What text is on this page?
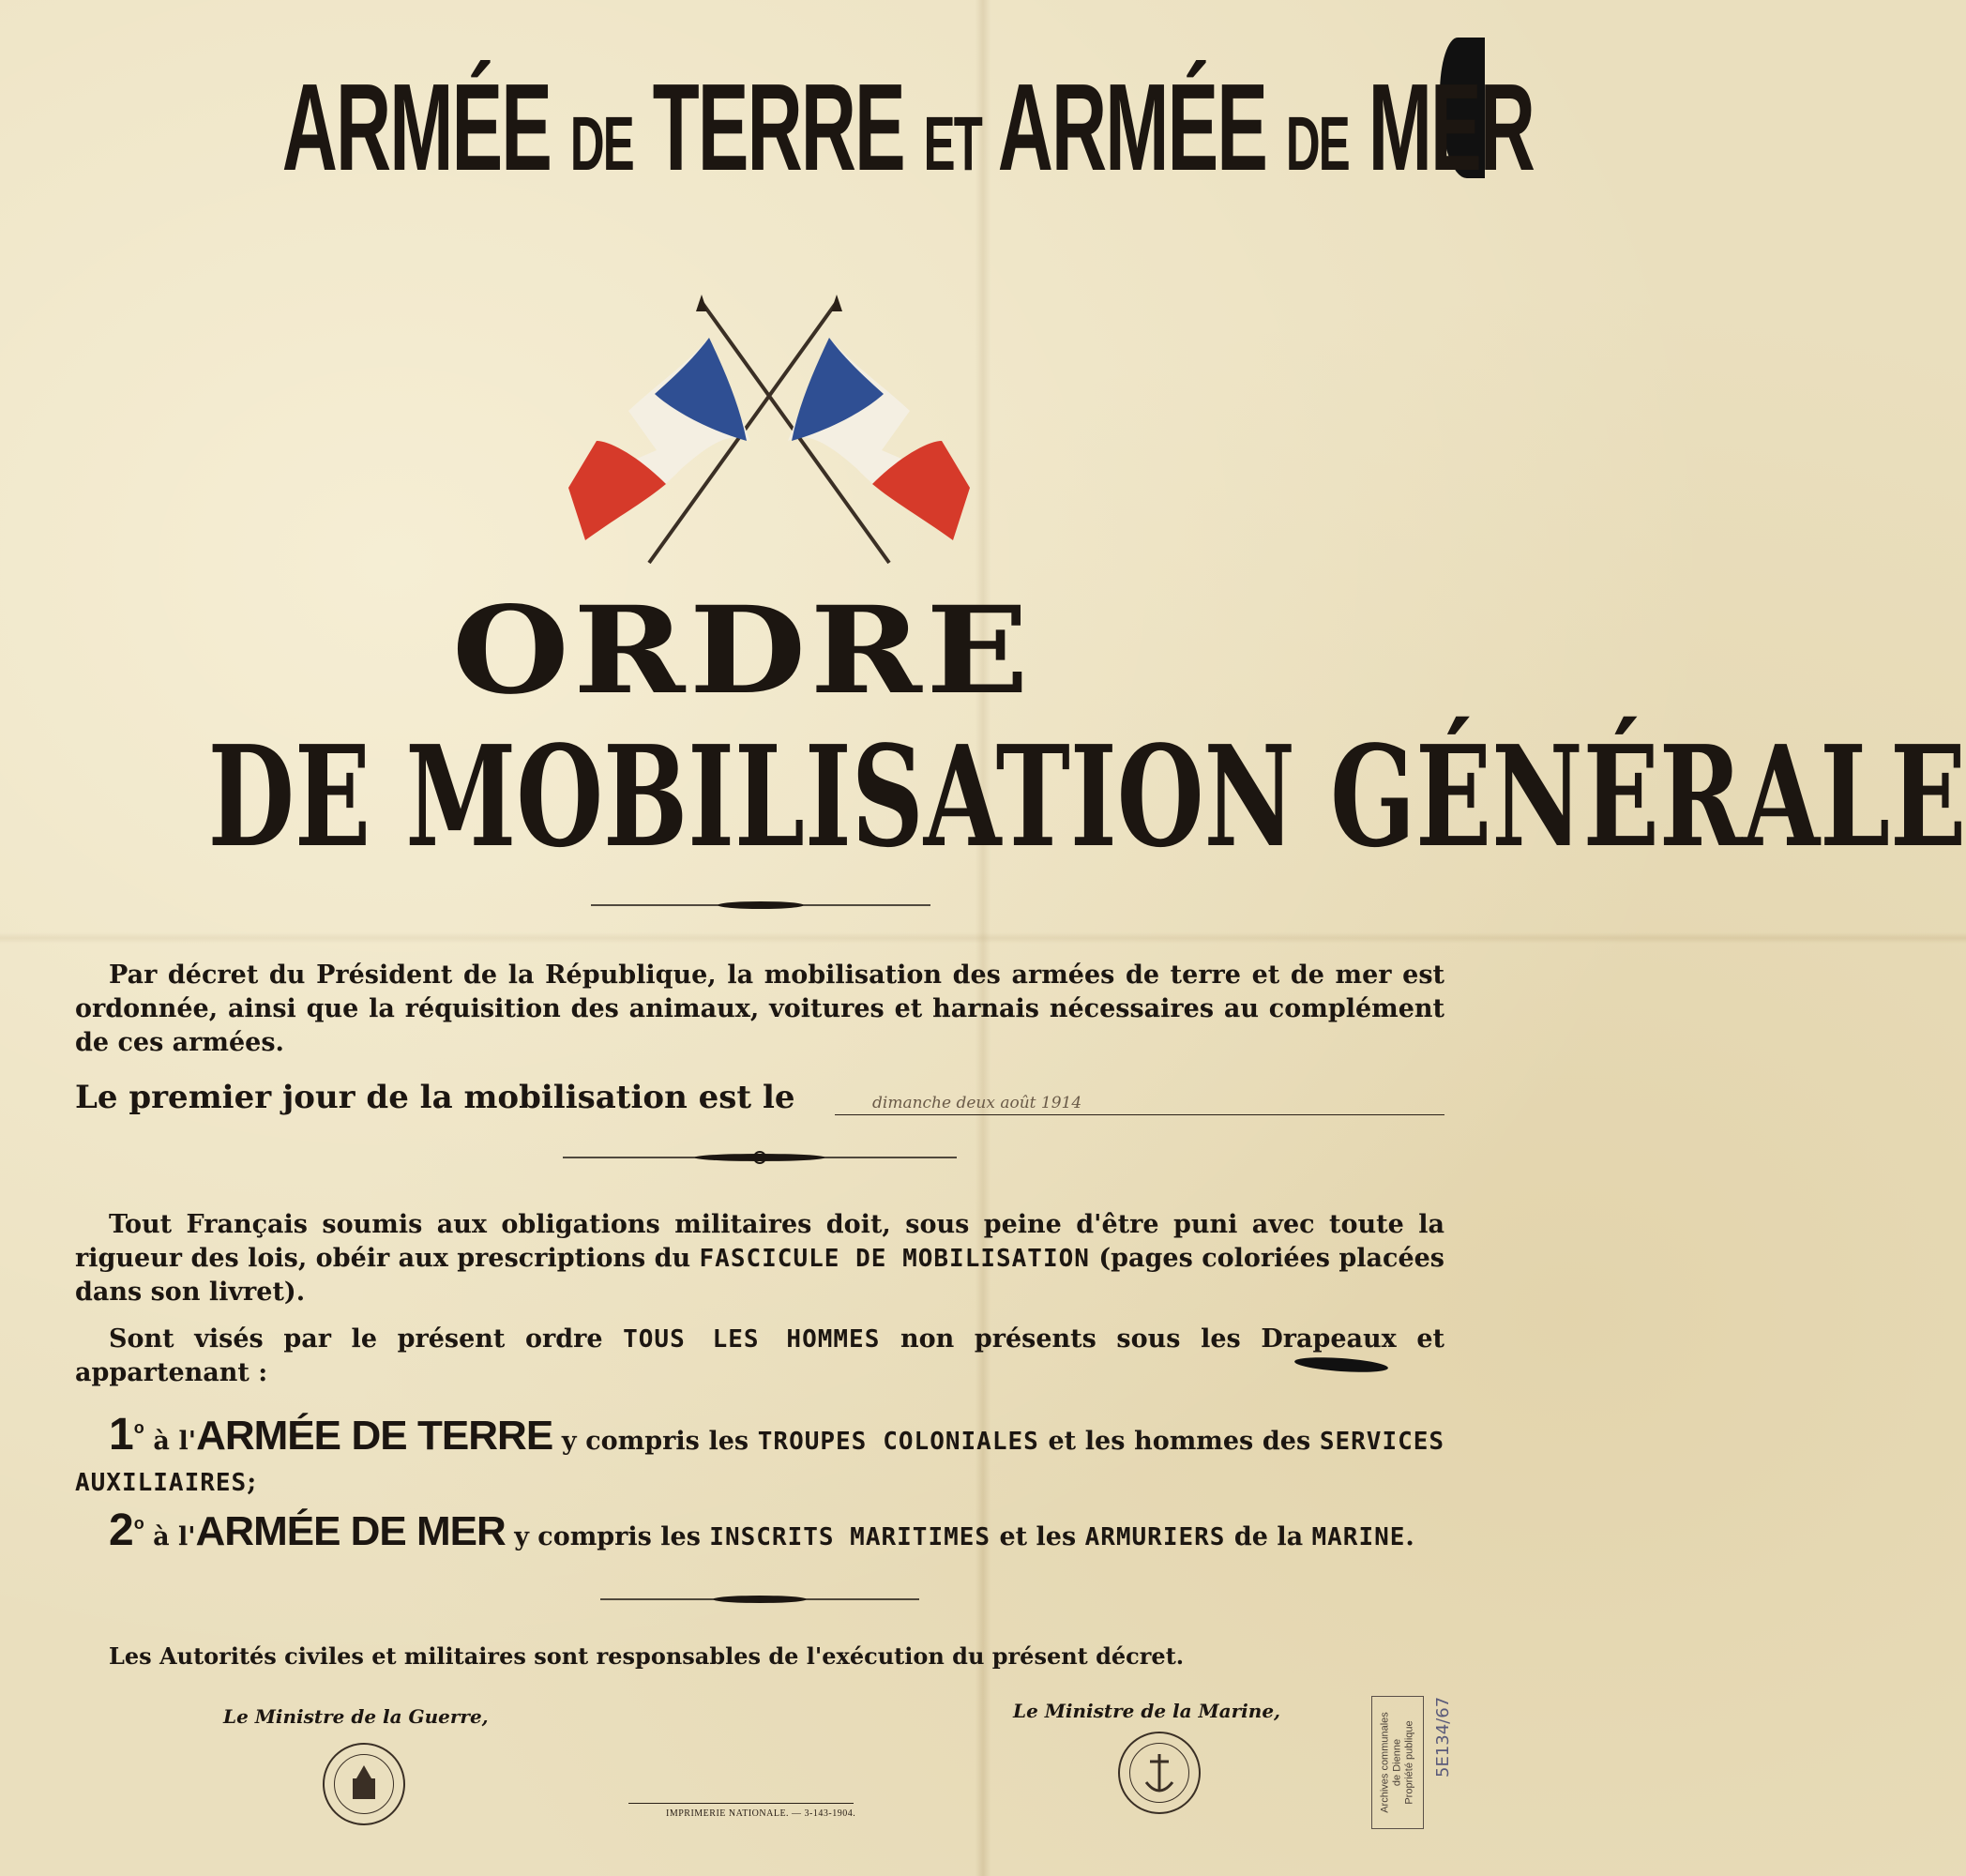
ARMÉE DE TERRE ET ARMÉE DE MER
ORDRE
DE MOBILISATION GÉNÉRALE
Par décret du Président de la République, la mobilisation des armées de terre et de mer est ordonnée, ainsi que la réquisition des animaux, voitures et harnais nécessaires au complément de ces armées.
Le premier jour de la mobilisation est le	dimanche deux août 1914
Tout Français soumis aux obligations militaires doit, sous peine d'être puni avec toute la rigueur des lois, obéir aux prescriptions du FASCICULE DE MOBILISATION (pages coloriées placées dans son livret).
Sont visés par le présent ordre TOUS LES HOMMES non présents sous les Drapeaux et appartenant :
1$^o$ à l'ARMÉE DE TERRE y compris les TROUPES COLONIALES et les hommes des SERVICES AUXILIAIRES;
2$^o$ à l'ARMÉE DE MER y compris les INSCRITS MARITIMES et les ARMURIERS de la MARINE.
Les Autorités civiles et militaires sont responsables de l'exécution du présent décret.
Le Ministre de la Guerre,	Le Ministre de la Marine,
IMPRIMERIE NATIONALE. — 3-143-1904.
Archives communales de Dienne Propriété publique 5E134/67
